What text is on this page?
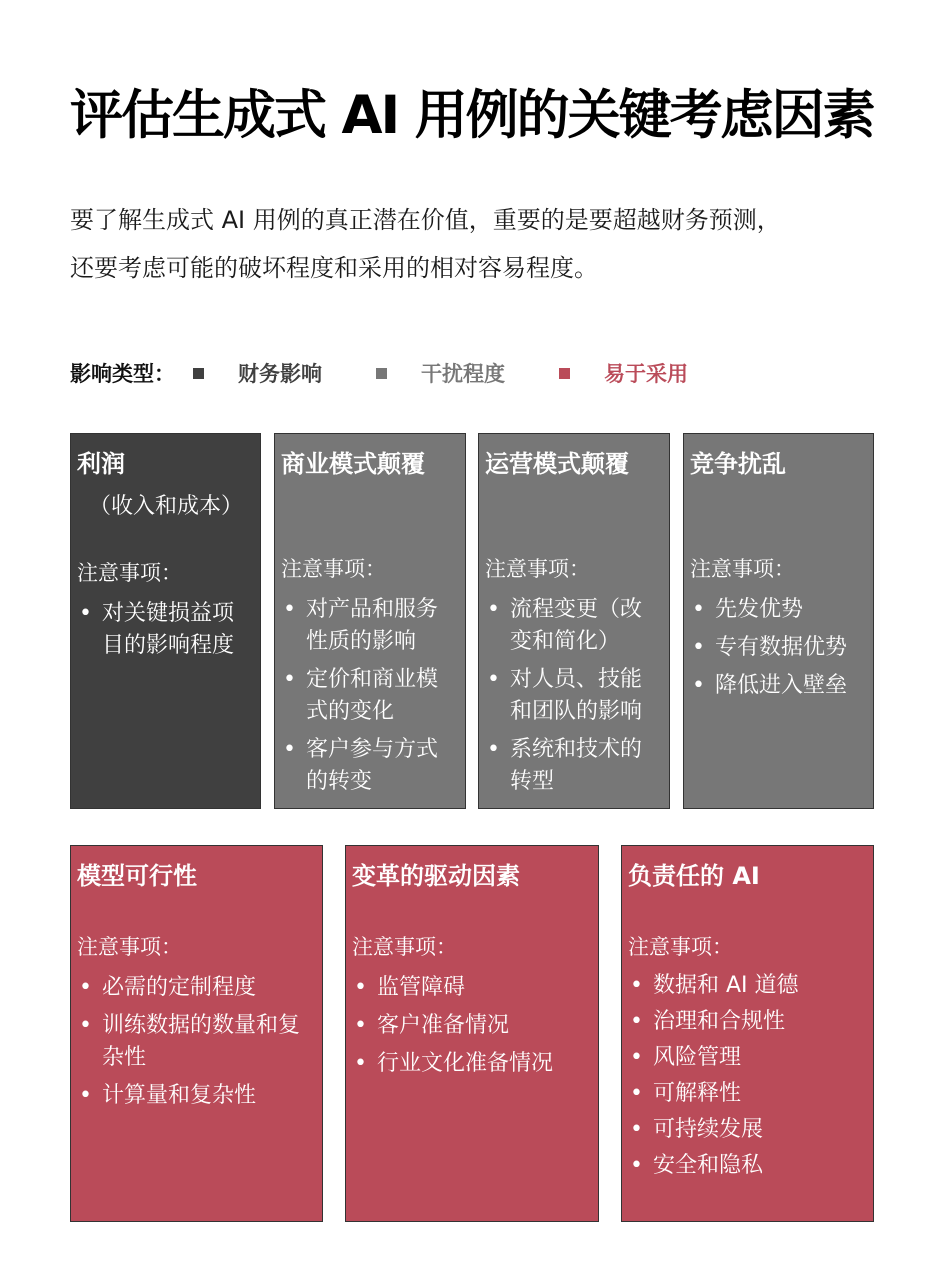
评估生成式 AI 用例的关键考虑因素
要了解生成式 AI 用例的真正潜在价值，重要的是要超越财务预测，
还要考虑可能的破坏程度和采用的相对容易程度。
影响类型：	财务影响	干扰程度	易于采用
利润
（收入和成本）
注意事项：
• 对关键损益项
目的影响程度
商业模式颠覆
注意事项：
• 对产品和服务
性质的影响
• 定价和商业模
式的变化
• 客户参与方式
的转变
运营模式颠覆
注意事项：
• 流程变更（改
变和简化）
• 对人员、技能
和团队的影响
• 系统和技术的
转型
竞争扰乱
注意事项：
• 先发优势
• 专有数据优势
• 降低进入壁垒
模型可行性
注意事项：
• 必需的定制程度
• 训练数据的数量和复
杂性
• 计算量和复杂性
变革的驱动因素
注意事项：
• 监管障碍
• 客户准备情况
• 行业文化准备情况
负责任的 AI
注意事项：
• 数据和 AI 道德
• 治理和合规性
• 风险管理
• 可解释性
• 可持续发展
• 安全和隐私
